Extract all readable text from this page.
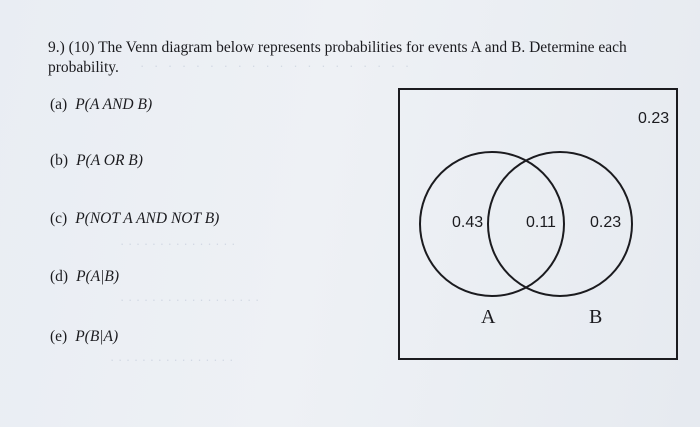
· · · · · · · · · · · · · · · · · · · ·
· · · · · · · · · · · · · · ·
· · · · · · · · · · · · · · · · · ·
· · · · · · · · · · · · · · · ·
9.) (10) The Venn diagram below represents probabilities for events A and B. Determine each probability.
(a) P(A AND B)
(b) P(A OR B)
(c) P(NOT A AND NOT B)
(d) P(A|B)
(e) P(B|A)
0.23
0.43	0.11 0.23
A	B
